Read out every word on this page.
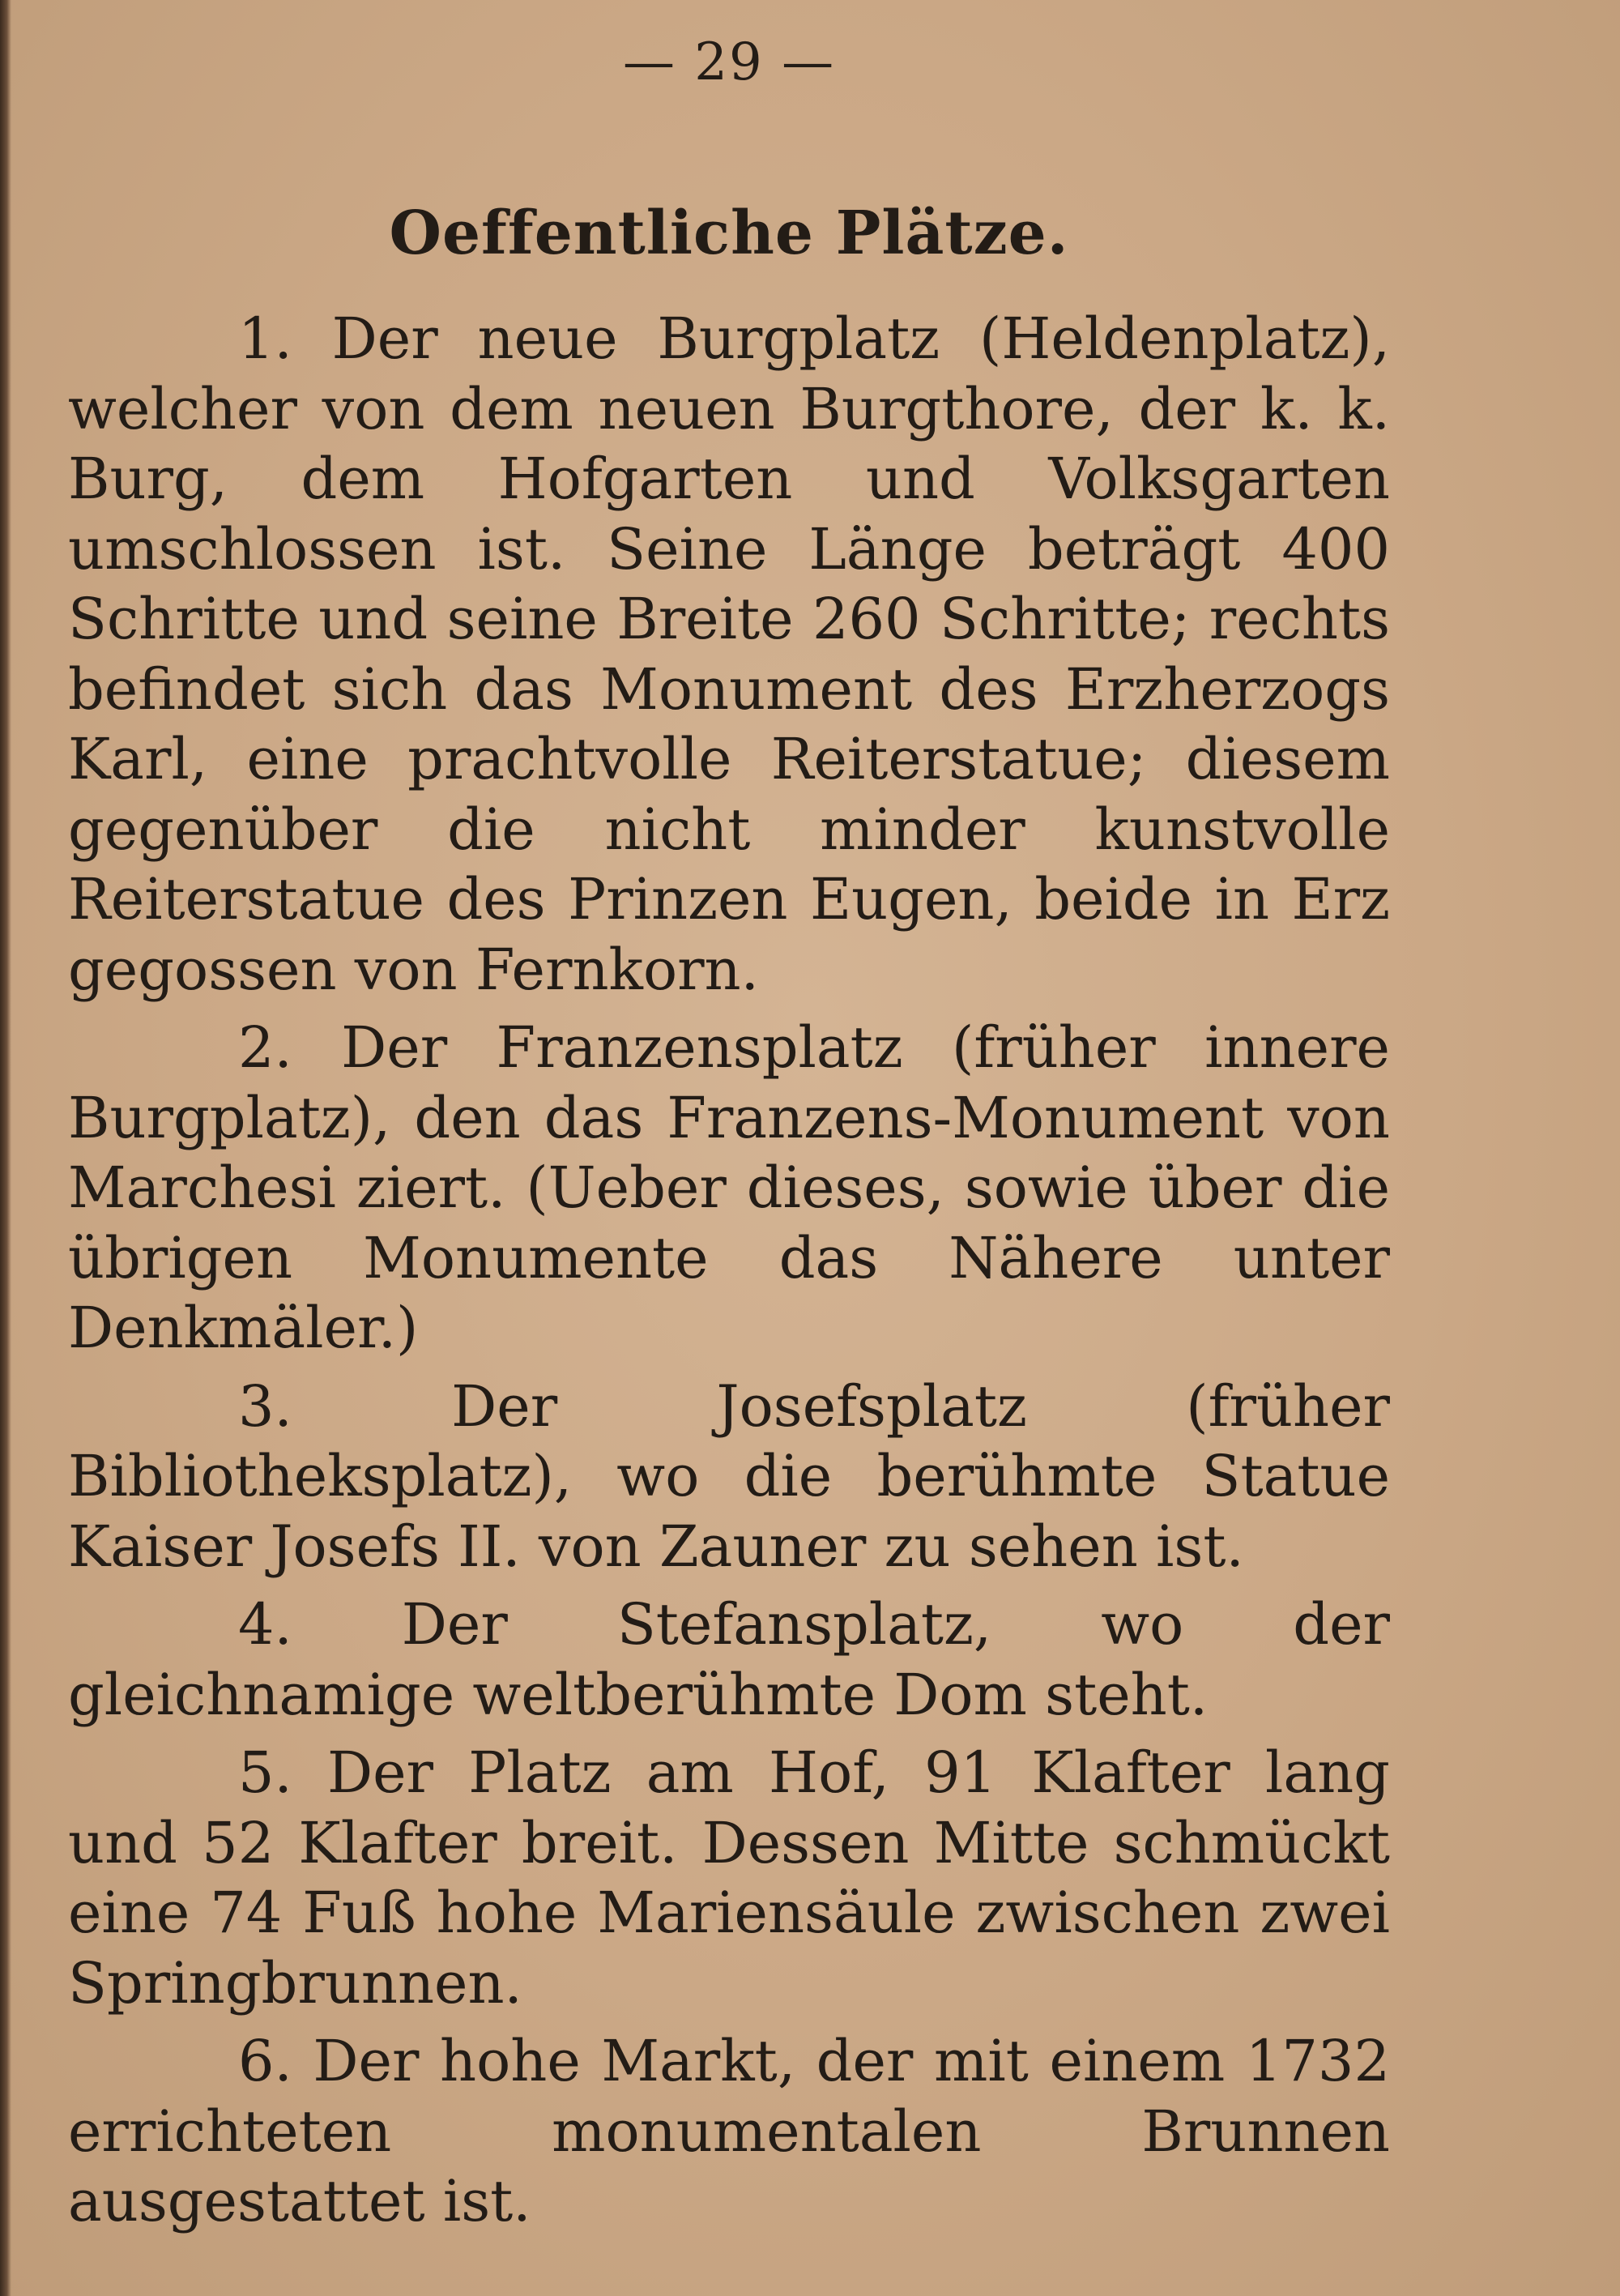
— 29 —
Oeffentliche Plätze.

1. Der neue Burgplatz (Heldenplatz), welcher von dem neuen Burgthore, der k. k. Burg, dem Hofgarten und Volksgarten umschlossen ist. Seine Länge beträgt 400 Schritte und seine Breite 260 Schritte; rechts befindet sich das Monument des Erzherzogs Karl, eine prachtvolle Reiterstatue; diesem gegenüber die nicht minder kunstvolle Reiterstatue des Prinzen Eugen, beide in Erz gegossen von Fernkorn.

2. Der Franzensplatz (früher innere Burgplatz), den das Franzens-Monument von Marchesi ziert. (Ueber dieses, sowie über die übrigen Monumente das Nähere unter Denkmäler.)

3. Der Josefsplatz (früher Bibliotheksplatz), wo die berühmte Statue Kaiser Josefs II. von Zauner zu sehen ist.

4. Der Stefansplatz, wo der gleichnamige weltberühmte Dom steht.

5. Der Platz am Hof, 91 Klafter lang und 52 Klafter breit. Dessen Mitte schmückt eine 74 Fuß hohe Mariensäule zwischen zwei Springbrunnen.

6. Der hohe Markt, der mit einem 1732 errichteten monumentalen Brunnen ausgestattet ist.
